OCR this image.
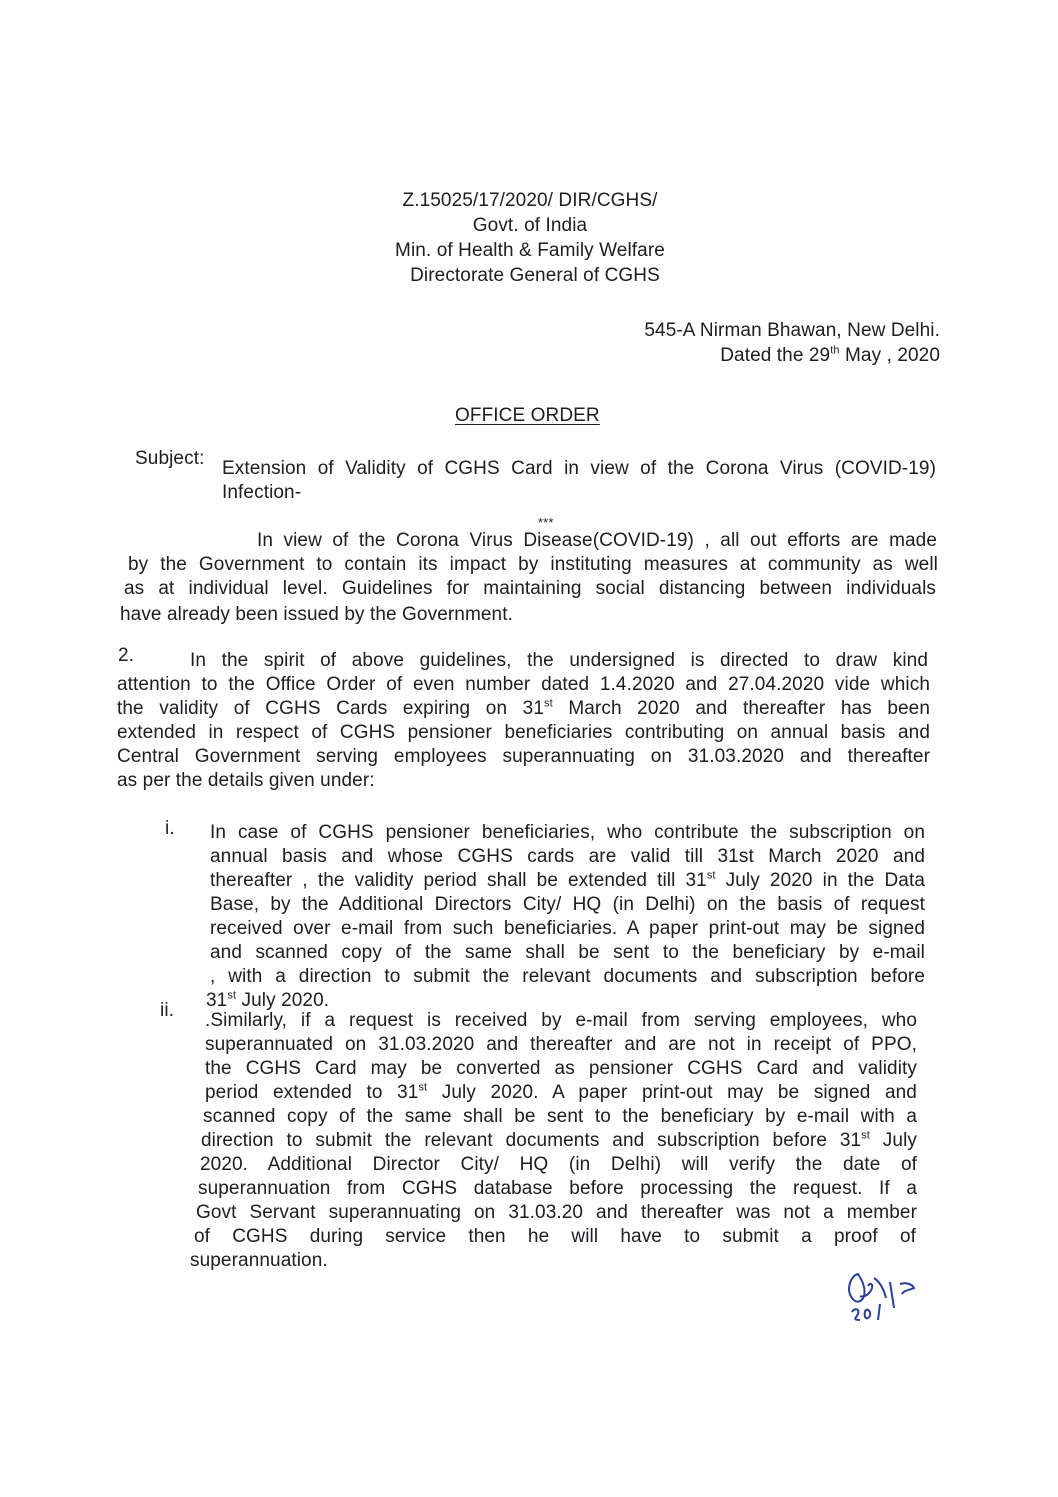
Z.15025/17/2020/ DIR/CGHS/
Govt. of India
Min. of Health & Family Welfare
Directorate General of CGHS
545-A Nirman Bhawan, New Delhi.
Dated the 29th May , 2020
OFFICE ORDER
Subject: Extension of Validity of CGHS Card in view of the Corona Virus (COVID-19)
Infection-
***
In view of the Corona Virus Disease(COVID-19) , all out efforts are made
by the Government to contain its impact by instituting measures at community as well
as at individual level. Guidelines for maintaining social distancing between individuals
have already been issued by the Government.
2.	In the spirit of above guidelines, the undersigned is directed to draw kind
attention to the Office Order of even number dated 1.4.2020 and 27.04.2020 vide which
the validity of CGHS Cards expiring on 31st March 2020 and thereafter has been
extended in respect of CGHS pensioner beneficiaries contributing on annual basis and
Central Government serving employees superannuating on 31.03.2020 and thereafter
as per the details given under:
i. In case of CGHS pensioner beneficiaries, who contribute the subscription on
annual basis and whose CGHS cards are valid till 31st March 2020 and
thereafter , the validity period shall be extended till 31st July 2020 in the Data
Base, by the Additional Directors City/ HQ (in Delhi) on the basis of request
received over e-mail from such beneficiaries. A paper print-out may be signed
and scanned copy of the same shall be sent to the beneficiary by e-mail
, with a direction to submit the relevant documents and subscription before
31st July 2020.
ii. .Similarly, if a request is received by e-mail from serving employees, who
superannuated on 31.03.2020 and thereafter and are not in receipt of PPO,
the CGHS Card may be converted as pensioner CGHS Card and validity
period extended to 31st July 2020. A paper print-out may be signed and
scanned copy of the same shall be sent to the beneficiary by e-mail with a
direction to submit the relevant documents and subscription before 31st July
2020. Additional Director City/ HQ (in Delhi) will verify the date of
superannuation from CGHS database before processing the request. If a
Govt Servant superannuating on 31.03.20 and thereafter was not a member
of CGHS during service then he will have to submit a proof of
superannuation.
